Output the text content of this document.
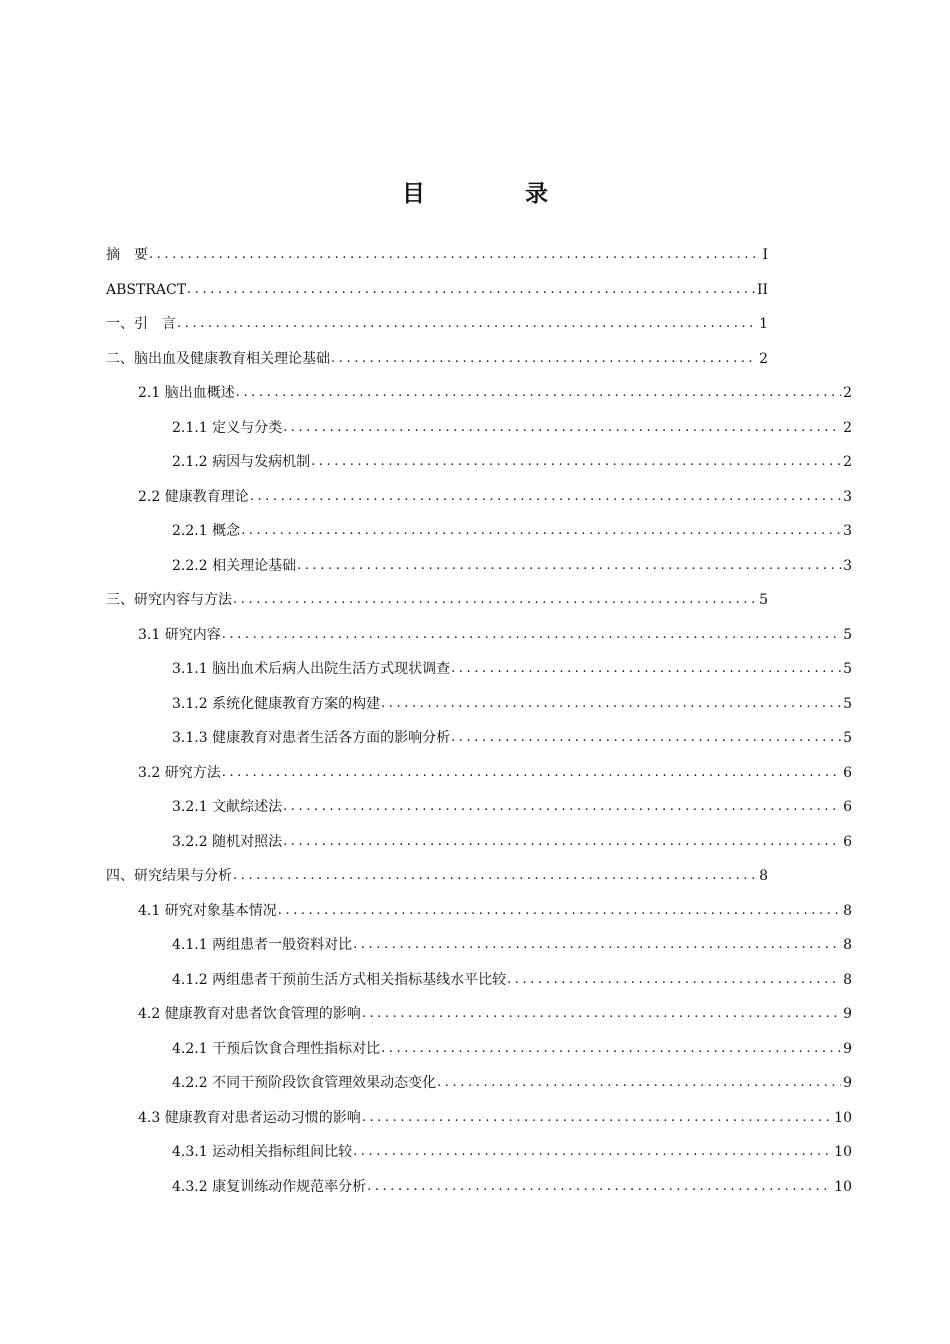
目 录
摘　要 .....	I
ABSTRACT .....	II
一、引　言 .....	1
二、脑出血及健康教育相关理论基础 .....	2
2.1 脑出血概述 .....	2
2.1.1 定义与分类 .....	2
2.1.2 病因与发病机制 .....	2
2.2 健康教育理论 .....	3
2.2.1 概念 .....	3
2.2.2 相关理论基础 .....	3
三、研究内容与方法 .....	5
3.1 研究内容 .....	5
3.1.1 脑出血术后病人出院生活方式现状调查 .....	5
3.1.2 系统化健康教育方案的构建 .....	5
3.1.3 健康教育对患者生活各方面的影响分析 .....	5
3.2 研究方法 .....	6
3.2.1 文献综述法 .....	6
3.2.2 随机对照法 .....	6
四、研究结果与分析 .....	8
4.1 研究对象基本情况 .....	8
4.1.1 两组患者一般资料对比 .....	8
4.1.2 两组患者干预前生活方式相关指标基线水平比较 .....	8
4.2 健康教育对患者饮食管理的影响 .....	9
4.2.1 干预后饮食合理性指标对比 .....	9
4.2.2 不同干预阶段饮食管理效果动态变化 .....	9
4.3 健康教育对患者运动习惯的影响 .....	10
4.3.1 运动相关指标组间比较 .....	10
4.3.2 康复训练动作规范率分析 .....	10
